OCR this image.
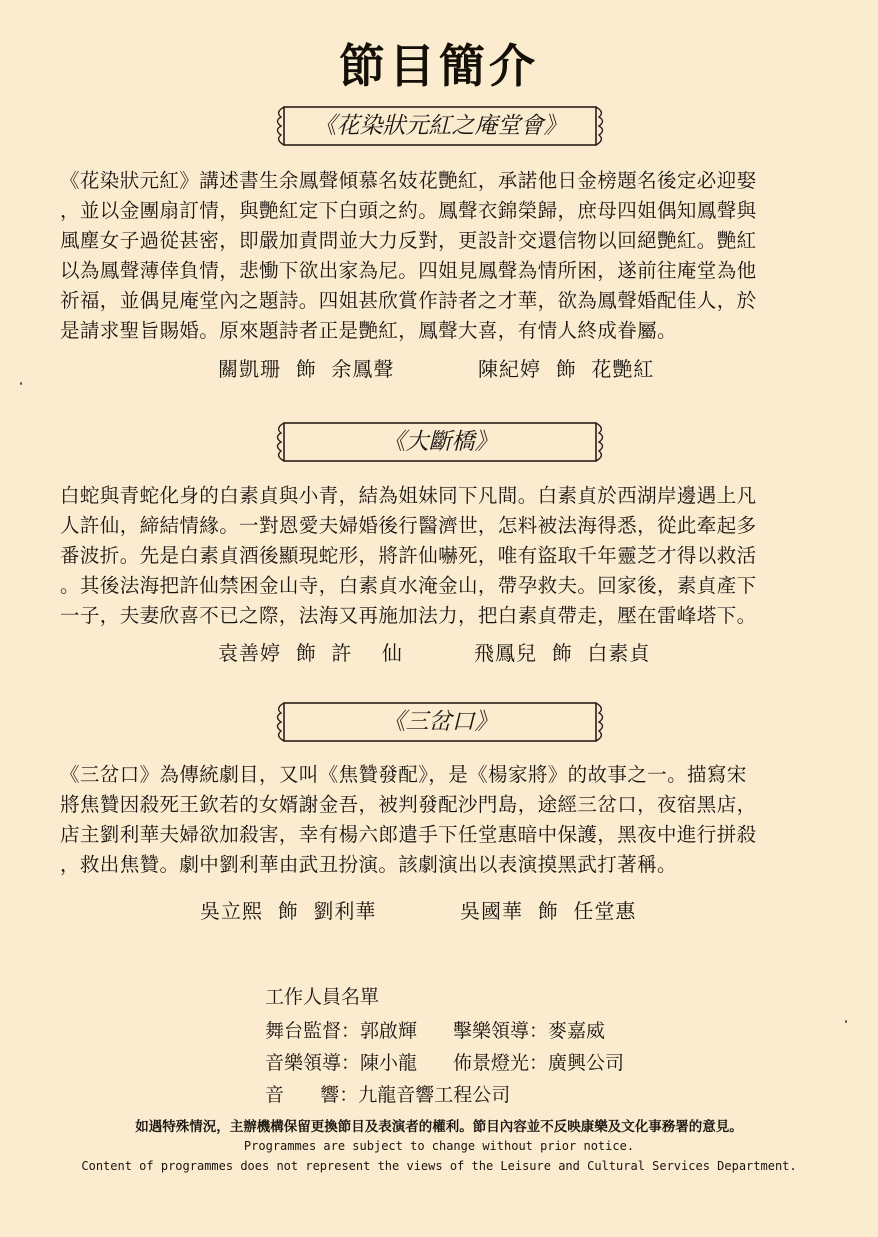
節目簡介
《花染狀元紅之庵堂會》
《花染狀元紅》講述書生余鳳聲傾慕名妓花艷紅，承諾他日金榜題名後定必迎娶
，並以金團扇訂情，與艷紅定下白頭之約。鳳聲衣錦榮歸，庶母四姐偶知鳳聲與
風塵女子過從甚密，即嚴加責問並大力反對，更設計交還信物以回絕艷紅。艷紅
以為鳳聲薄倖負情，悲慟下欲出家為尼。四姐見鳳聲為情所困，遂前往庵堂為他
祈福，並偶見庵堂內之題詩。四姐甚欣賞作詩者之才華，欲為鳳聲婚配佳人，於
是請求聖旨賜婚。原來題詩者正是艷紅，鳳聲大喜，有情人終成眷屬。
關凱珊  飾  余鳳聲	陳紀婷  飾  花艷紅
《大斷橋》
白蛇與青蛇化身的白素貞與小青，結為姐妹同下凡間。白素貞於西湖岸邊遇上凡
人許仙，締結情緣。一對恩愛夫婦婚後行醫濟世，怎料被法海得悉，從此牽起多
番波折。先是白素貞酒後顯現蛇形，將許仙嚇死，唯有盜取千年靈芝才得以救活
。其後法海把許仙禁困金山寺，白素貞水淹金山，帶孕救夫。回家後，素貞產下
一子，夫妻欣喜不已之際，法海又再施加法力，把白素貞帶走，壓在雷峰塔下。
袁善婷  飾  許    仙	飛鳳兒  飾  白素貞
《三岔口》
《三岔口》為傳統劇目，又叫《焦贊發配》，是《楊家將》的故事之一。描寫宋
將焦贊因殺死王欽若的女婿謝金吾，被判發配沙門島，途經三岔口，夜宿黑店，
店主劉利華夫婦欲加殺害，幸有楊六郎遣手下任堂惠暗中保護，黑夜中進行拼殺
，救出焦贊。劇中劉利華由武丑扮演。該劇演出以表演摸黑武打著稱。
吳立熙  飾  劉利華	吳國華  飾  任堂惠
工作人員名單
舞台監督：郭啟輝 擊樂領導：麥嘉威
音樂領導：陳小龍 佈景燈光：廣興公司
音      響：九龍音響工程公司
如遇特殊情況，主辦機構保留更換節目及表演者的權利。節目內容並不反映康樂及文化事務署的意見。
Programmes are subject to change without prior notice.
Content of programmes does not represent the views of the Leisure and Cultural Services Department.
